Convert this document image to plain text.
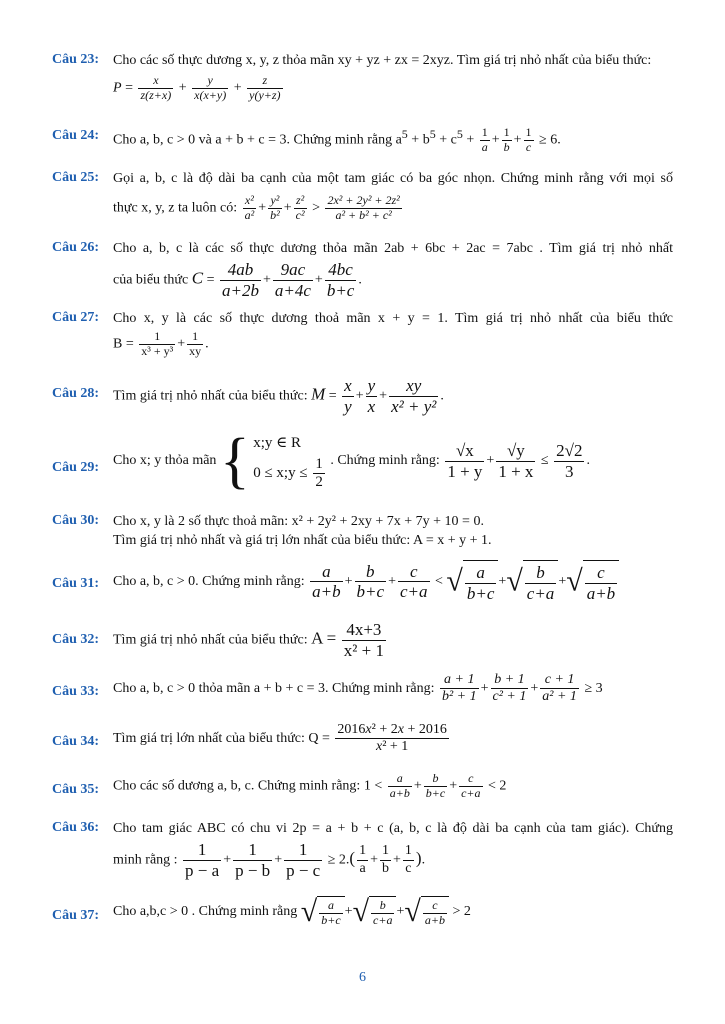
Câu 23: Cho các số thực dương x, y, z thỏa mãn xy + yz + zx = 2xyz. Tìm giá trị nhỏ nhất của biểu thức:
$P = \frac{x}{z(z+x)} + \frac{y}{x(x+y)} + \frac{z}{y(y+z)}$
Câu 24: Cho a, b, c > 0 và a + b + c = 3. Chứng minh rằng $a^5 + b^5 + c^5 + \frac{1}{a} + \frac{1}{b} + \frac{1}{c} \ge 6$.
Câu 25: Gọi a, b, c là độ dài ba cạnh của một tam giác có ba góc nhọn. Chứng minh rằng với mọi số
thực x, y, z ta luôn có: $\frac{\text{x²}}{\text{a²}} + \frac{\text{y²}}{\text{b²}} + \frac{\text{z²}}{\text{c²}} > \frac{\text{2x² + 2y² + 2z²}}{\text{a² + b² + c²}}$
Câu 26: Cho a, b, c là các số thực dương thỏa mãn 2ab + 6bc + 2ac = 7abc . Tìm giá trị nhỏ nhất
của biểu thức $C = \frac{4ab}{a+2b} + \frac{9ac}{a+4c} + \frac{4bc}{b+c}$ .
Câu 27: Cho x, y là các số thực dương thoả mãn x + y = 1. Tìm giá trị nhỏ nhất của biểu thức
$B = \frac{1}{\text{x³ + y³}} + \frac{1}{xy}$ .
Câu 28: Tìm giá trị nhỏ nhất của biểu thức: $M = \frac{x}{y} + \frac{y}{x} + \frac{xy}{\text{x² + y²}}$ .
Câu 29: Cho x; y thỏa mãn { x;y ∈ R
0 ≤ x;y ≤ $\frac{1}{2}$ . Chứng minh rằng: $\frac{√x}{1 + y} + \frac{√y}{1 + x} \le \frac{2√2}{3}$ .
Câu 30: Cho x, y là 2 số thực thoả mãn: x² + 2y² + 2xy + 7x + 7y + 10 = 0.
Tìm giá trị nhỏ nhất và giá trị lớn nhất của biểu thức: A = x + y + 1.
Câu 31: Cho a, b, c > 0. Chứng minh rằng: $\frac{a}{a+b} + \frac{b}{b+c} + \frac{c}{c+a}$ < √ $\frac{a}{b+c}$ +√ $\frac{b}{c+a}$ +√ $\frac{c}{a+b}$
Câu 32: Tìm giá trị nhỏ nhất của biểu thức: $A = \frac{4x+3}{\text{x² + 1}}$
Câu 33: Cho a, b, c > 0 thỏa mãn a + b + c = 3. Chứng minh rằng: $\frac{a + 1}{\text{b² + 1}} + \frac{b + 1}{\text{c² + 1}} + \frac{c + 1}{\text{a² + 1}} \ge 3$
Câu 34: Tìm giá trị lớn nhất của biểu thức: $Q = \frac{\text{2016x² + 2x + 2016}}{\text{x² + 1}}$
Câu 35: Cho các số dương a, b, c. Chứng minh rằng: $1 < \frac{a}{a+b} + \frac{b}{b+c} + \frac{c}{c+a} < 2$
Câu 36: Cho tam giác ABC có chu vi 2p = a + b + c (a, b, c là độ dài ba cạnh của tam giác). Chứng
minh rằng : $\frac{1}{p - a} + \frac{1}{p - b} + \frac{1}{p - c} \ge 2.( \frac{1}{a} + \frac{1}{b} + \frac{1}{c}$ ).
Câu 37: Cho a,b,c > 0 . Chứng minh rằng √ $\frac{a}{b+c}$ +√ $\frac{b}{c+a}$ +√ $\frac{c}{a+b} > 2$
6
